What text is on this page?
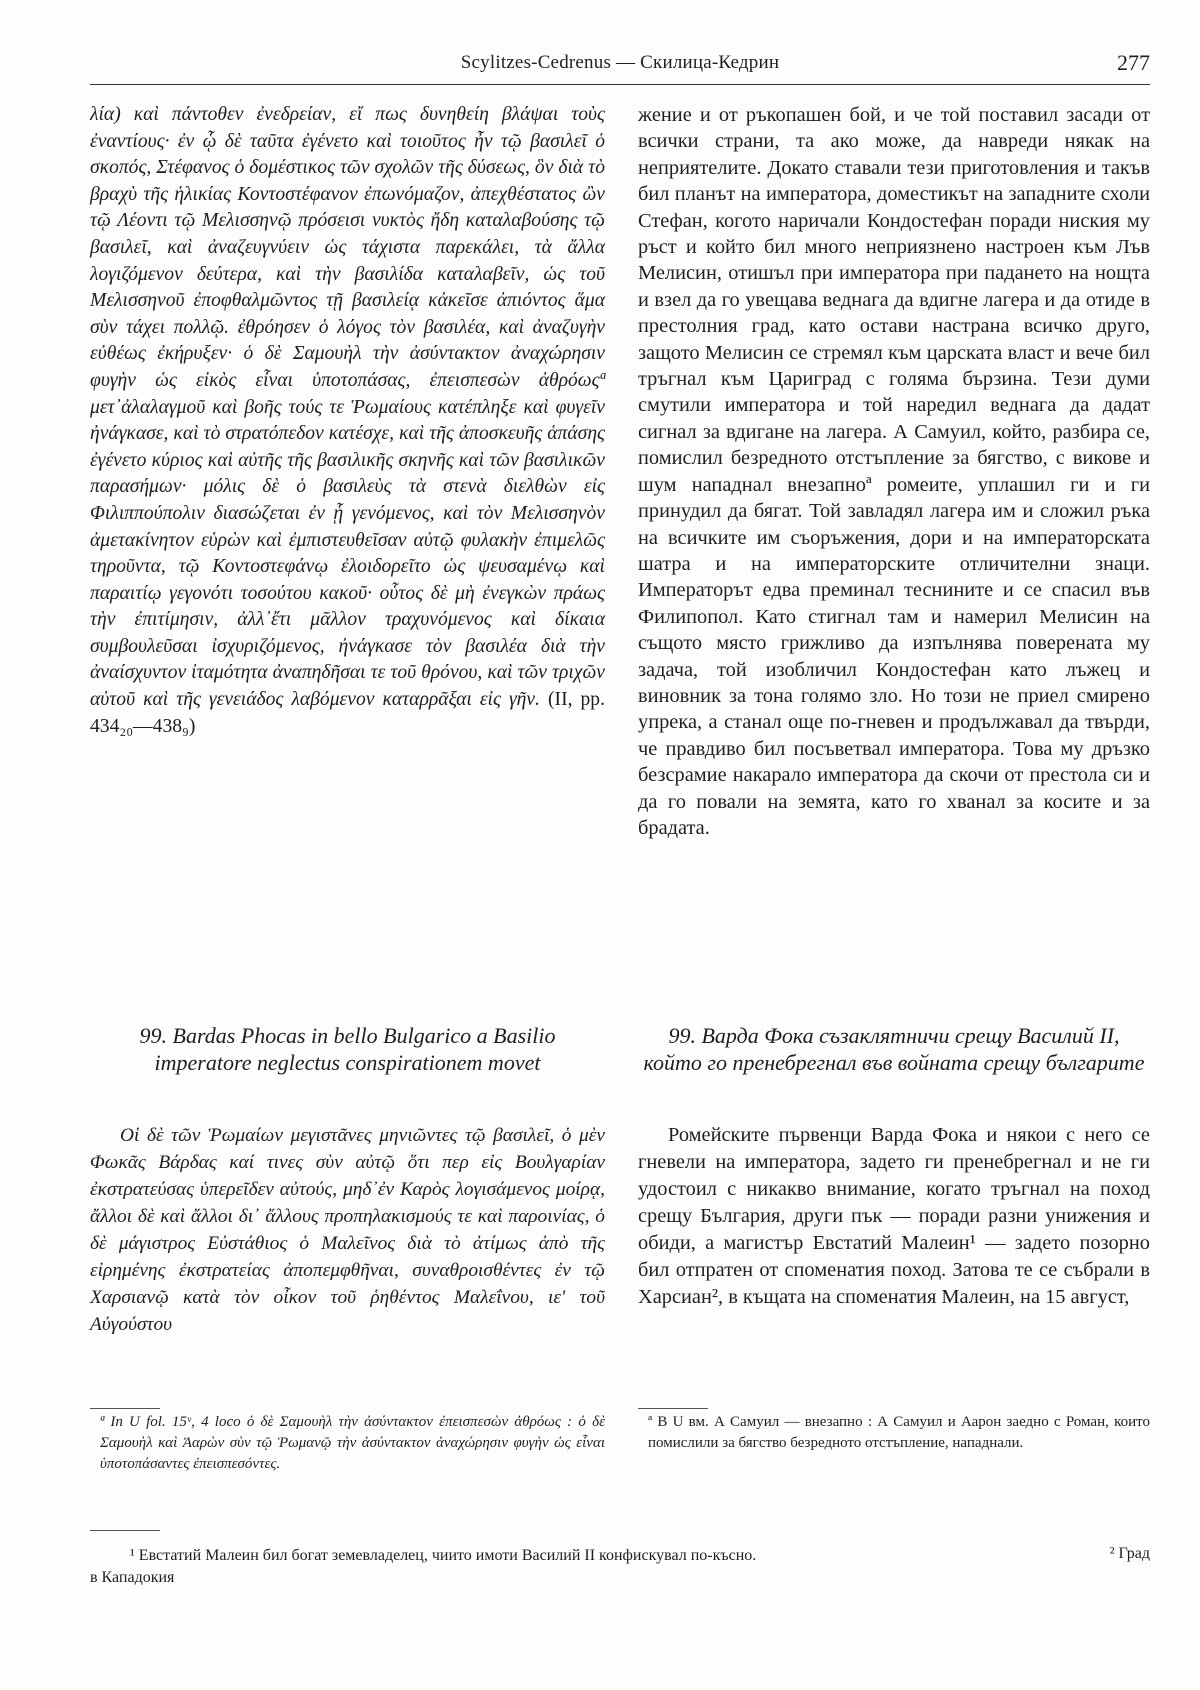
Scylitzes-Cedrenus — Скилица-Кедрин	277

λία) καὶ πάντοθεν ἐνεδρείαν, εἴ πως δυνηθείη βλάψαι τοὺς ἐναντίους· ἐν ᾧ δὲ ταῦτα ἐγένετο καὶ τοιοῦτος ἦν τῷ βασιλεῖ ὁ σκοπός, Στέφανος ὁ δομέστικος τῶν σχολῶν τῆς δύσεως, ὃν διὰ τὸ βραχὺ τῆς ἡλικίας Κοντοστέφανον ἐπωνόμαζον, ἀπεχθέστατος ὢν τῷ Λέοντι τῷ Μελισσηνῷ πρόσεισι νυκτὸς ἤδη καταλαβούσης τῷ βασιλεῖ, καὶ ἀναζευγνύειν ὡς τάχιστα παρεκάλει, τὰ ἄλλα λογιζόμενον δεύτερα, καὶ τὴν βασιλίδα καταλαβεῖν, ὡς τοῦ Μελισσηνοῦ ἐποφθαλμῶντος τῇ βασιλείᾳ κἀκεῖσε ἀπιόντος ἅμα σὺν τάχει πολλῷ. ἐθρόησεν ὁ λόγος τὸν βασιλέα, καὶ ἀναζυγὴν εὐθέως ἐκήρυξεν· ὁ δὲ Σαμουὴλ τὴν ἀσύντακτον ἀναχώρησιν φυγὴν ὡς εἰκὸς εἶναι ὑποτοπάσας, ἐπεισπεσὼν ἀθρόωςª μετ᾿ἀλαλαγμοῦ καὶ βοῆς τούς τε Ῥωμαίους κατέπληξε καὶ φυγεῖν ἠνάγκασε, καὶ τὸ στρατόπεδον κατέσχε, καὶ τῆς ἀποσκευῆς ἁπάσης ἐγένετο κύριος καὶ αὐτῆς τῆς βασιλικῆς σκηνῆς καὶ τῶν βασιλικῶν παρασήμων· μόλις δὲ ὁ βασιλεὺς τὰ στενὰ διελθὼν εἰς Φιλιππούπολιν διασώζεται ἐν ᾗ γενόμενος, καὶ τὸν Μελισσηνὸν ἀμετακίνητον εὑρὼν καὶ ἐμπιστευθεῖσαν αὐτῷ φυλακὴν ἐπιμελῶς τηροῦντα, τῷ Κοντοστεφάνῳ ἐλοιδορεῖτο ὡς ψευσαμένῳ καὶ παραιτίῳ γεγονότι τοσούτου κακοῦ· οὗτος δὲ μὴ ἐνεγκὼν πράως τὴν ἐπιτίμησιν, ἀλλ᾿ἔτι μᾶλλον τραχυνόμενος καὶ δίκαια συμβουλεῦσαι ἰσχυριζόμενος, ἠνάγκασε τὸν βασιλέα διὰ τὴν ἀναίσχυντον ἰταμότητα ἀναπηδῆσαι τε τοῦ θρόνου, καὶ τῶν τριχῶν αὐτοῦ καὶ τῆς γενειάδος λαβόμενον καταρρᾶξαι εἰς γῆν. (II, pp. 434₂₀—438₉)

жение и от ръкопашен бой, и че той поставил засади от всички страни, та ако може, да навреди някак на неприятелите. Докато ставали тези приготовления и такъв бил планът на императора, доместикът на западните схоли Стефан, когото наричали Кондостефан поради ниския му ръст и който бил много неприязнено настроен към Лъв Мелисин, отишъл при императора при падането на нощта и взел да го увещава веднага да вдигне лагера и да отиде в престолния град, като остави настрана всичко друго, защото Мелисин се стремял към царската власт и вече бил тръгнал към Цариград с голяма бързина. Тези думи смутили императора и той наредил веднага да дадат сигнал за вдигане на лагера. А Самуил, който, разбира се, помислил безредното отстъпление за бягство, с викове и шум нападнал внезапноª ромеите, уплашил ги и ги принудил да бягат. Той завладял лагера им и сложил ръка на всичките им съоръжения, дори и на императорската шатра и на императорските отличителни знаци. Императорът едва преминал теснините и се спасил във Филипопол. Като стигнал там и намерил Мелисин на същото място грижливо да изпълнява поверената му задача, той изобличил Кондостефан като лъжец и виновник за тона голямо зло. Но този не приел смирено упрека, а станал още по-гневен и продължавал да твърди, че правдиво бил посъветвал императора. Това му дръзко безсрамие накарало императора да скочи от престола си и да го повали на земята, като го хванал за косите и за брадата.

99. Bardas Phocas in bello Bulgarico a Basilio imperatore neglectus conspirationem movet
99. Варда Фока съзаклятничи срещу Василий II, който го пренебрегнал във войната срещу българите

Οἱ δὲ τῶν Ῥωμαίων μεγιστᾶνες μηνιῶντες τῷ βασιλεῖ, ὁ μὲν Φωκᾶς Βάρδας καί τινες σὺν αὐτῷ ὅτι περ εἰς Βουλγαρίαν ἐκστρατεύσας ὑπερεῖδεν αὐτούς, μηδ᾿ἐν Καρὸς λογισάμενος μοίρᾳ, ἄλλοι δὲ καὶ ἄλλοι δι᾿ ἄλλους προπηλακισμούς τε καὶ παροινίας, ὁ δὲ μάγιστρος Εὐστάθιος ὁ Μαλεῖνος διὰ τὸ ἀτίμως ἀπὸ τῆς εἰρημένης ἐκστρατείας ἀποπεμφθῆναι, συναθροισθέντες ἐν τῷ Χαρσιανῷ κατὰ τὸν οἶκον τοῦ ῥηθέντος Μαλεΐνου, ιεʹ τοῦ Αὐγούστου

Ромейските първенци Варда Фока и някои с него се гневели на императора, задето ги пренебрегнал и не ги удостоил с никакво внимание, когато тръгнал на поход срещу България, други пък — поради разни унижения и обиди, а магистър Евстатий Малеин¹ — задето позорно бил отпратен от споменатия поход. Затова те се събрали в Харсиан², в къщата на споменатия Малеин, на 15 август,

ª In U fol. 15ᵛ, 4 loco ὁ δὲ Σαμουὴλ τὴν ἀσύντακτον ἐπεισπεσὼν ἀθρόως : ὁ δὲ Σαμουὴλ καὶ Ἀαρὼν σὺν τῷ Ῥωμανῷ τὴν ἀσύντακτον ἀναχώρησιν φυγὴν ὡς εἶναι ὑποτοπάσαντες ἐπεισπεσόντες.
ª В U вм. А Самуил — внезапно : А Самуил и Аарон заедно с Роман, които помислили за бягство безредното отстъпление, нападнали.
¹ Евстатий Малеин бил богат земевладелец, чиито имоти Василий II конфискувал по-късно.
в Кападокия
² Град
